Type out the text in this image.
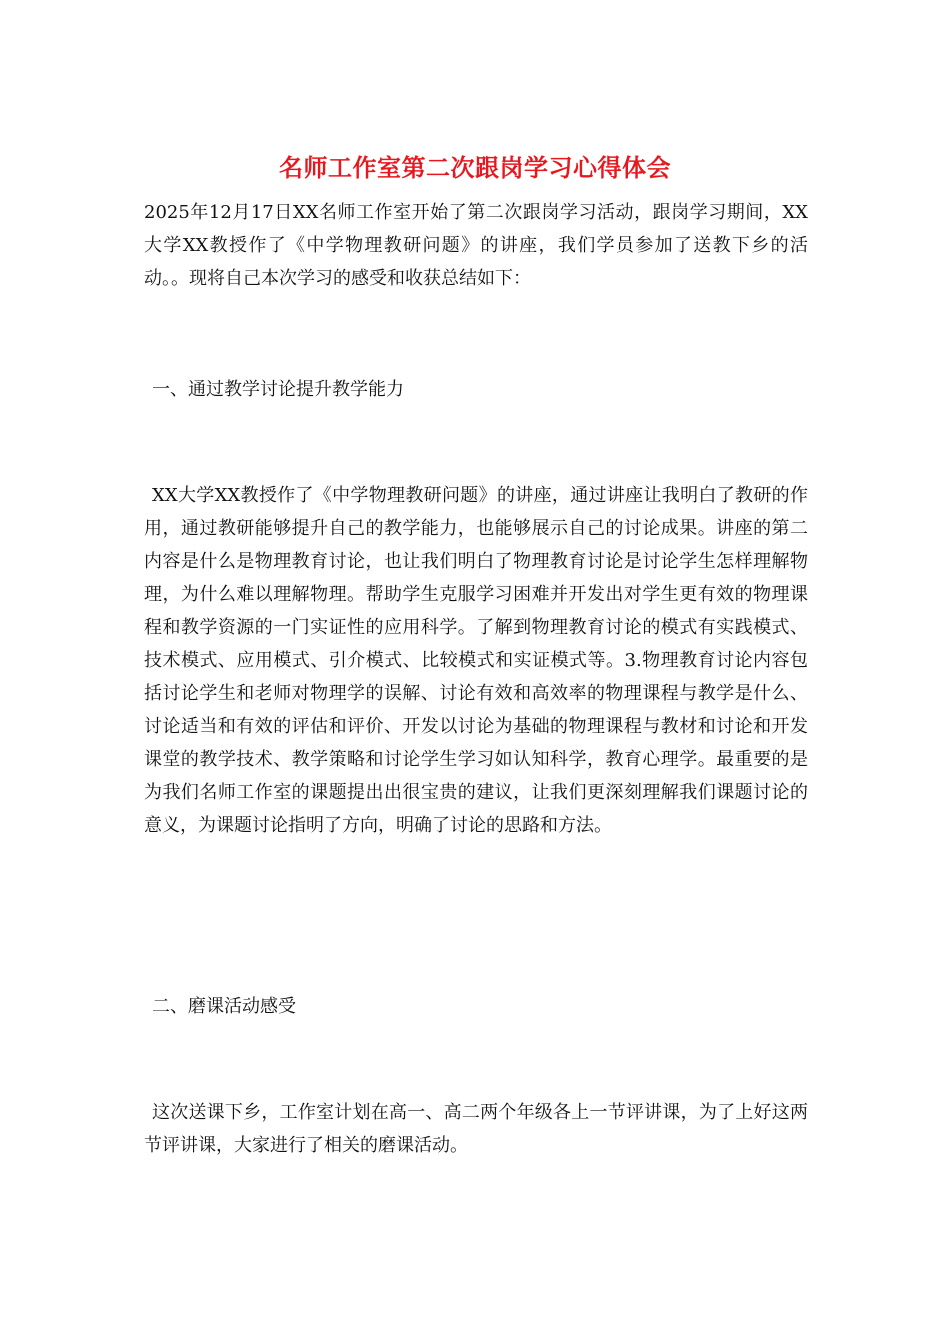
名师工作室第二次跟岗学习心得体会

2025年12月17日XX名师工作室开始了第二次跟岗学习活动，跟岗学习期间，XX大学XX教授作了《中学物理教研问题》的讲座，我们学员参加了送教下乡的活动。。现将自己本次学习的感受和收获总结如下：

一、通过教学讨论提升教学能力

XX大学XX教授作了《中学物理教研问题》的讲座，通过讲座让我明白了教研的作用，通过教研能够提升自己的教学能力，也能够展示自己的讨论成果。讲座的第二内容是什么是物理教育讨论，也让我们明白了物理教育讨论是讨论学生怎样理解物理，为什么难以理解物理。帮助学生克服学习困难并开发出对学生更有效的物理课程和教学资源的一门实证性的应用科学。了解到物理教育讨论的模式有实践模式、技术模式、应用模式、引介模式、比较模式和实证模式等。3.物理教育讨论内容包括讨论学生和老师对物理学的误解、讨论有效和高效率的物理课程与教学是什么、讨论适当和有效的评估和评价、开发以讨论为基础的物理课程与教材和讨论和开发课堂的教学技术、教学策略和讨论学生学习如认知科学，教育心理学。最重要的是为我们名师工作室的课题提出出很宝贵的建议，让我们更深刻理解我们课题讨论的意义，为课题讨论指明了方向，明确了讨论的思路和方法。

二、磨课活动感受

这次送课下乡，工作室计划在高一、高二两个年级各上一节评讲课，为了上好这两节评讲课，大家进行了相关的磨课活动。
